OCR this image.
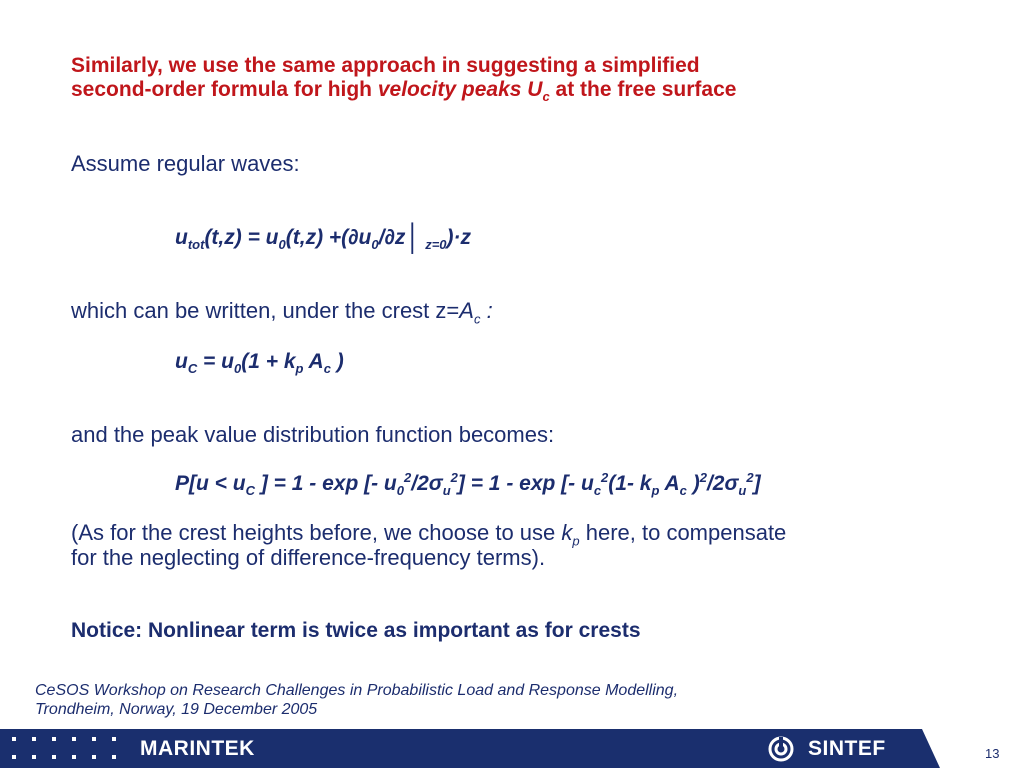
Similarly, we use the same approach in suggesting a simplified
second-order formula for high velocity peaks $U_c$ at the free surface
Assume regular waves:
$u_{tot}(t,z) = u_0(t,z)$ $+(\partial u_0/\partial z│$ $_{z=0}$)·z
which can be written, under the crest $z=A_c$ :
$u_C = u_0(1 + k_p$ $A_c$ )
and the peak value distribution function becomes:
$P[u < u_C$ ] = 1 - exp [- $u_0^2/2\sigma_u^2] = 1 - \exp$ [- $u_c^2(1-$ $k_p$ $A_c$ )$^2/2\sigma_u^2$]
(As for the crest heights before, we choose to use $k_p$ here, to compensate
for the neglecting of difference-frequency terms).
Notice: Nonlinear term is twice as important as for crests
CeSOS Workshop on Research Challenges in Probabilistic Load and Response Modelling,
Trondheim, Norway, 19 December 2005
MARINTEK	SINTEF	13
